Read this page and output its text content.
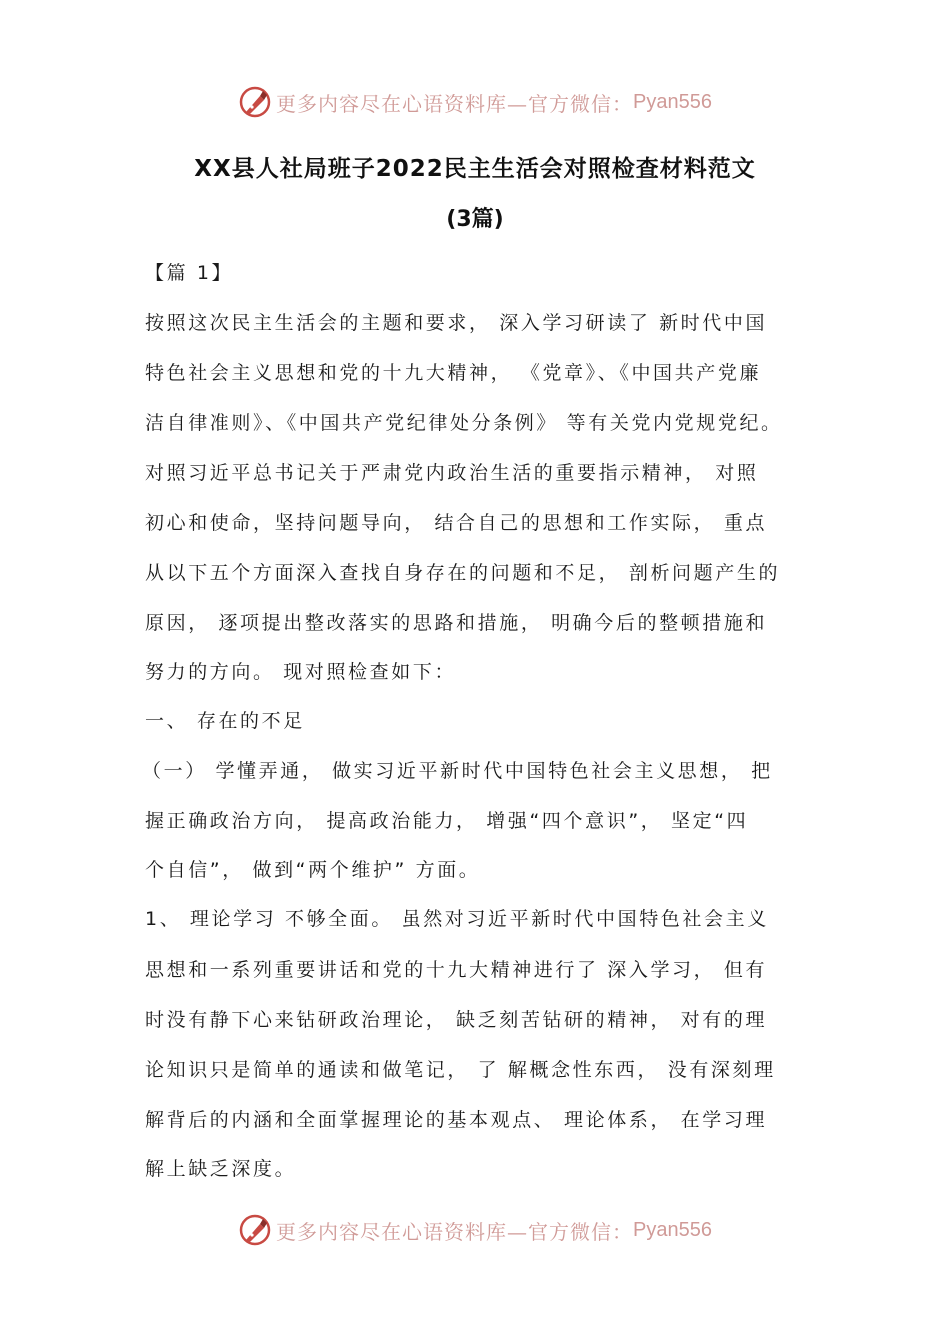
更多内容尽在心语资料库—官方微信： Pyan556
XX县人社局班子2022民主生活会对照检查材料范文
(3篇)
【篇 1】
按照这次民主生活会的主题和要求， 深入学习研读了 新时代中国
特色社会主义思想和党的十九大精神， 《党章》、《中国共产党廉
洁自律准则》、《中国共产党纪律处分条例》 等有关党内党规党纪。
对照习近平总书记关于严肃党内政治生活的重要指示精神， 对照
初心和使命，坚持问题导向， 结合自己的思想和工作实际， 重点
从以下五个方面深入查找自身存在的问题和不足， 剖析问题产生的
原因， 逐项提出整改落实的思路和措施， 明确今后的整顿措施和
努力的方向。 现对照检查如下：
一、 存在的不足
（一） 学懂弄通， 做实习近平新时代中国特色社会主义思想， 把
握正确政治方向， 提高政治能力， 增强“四个意识”， 坚定“四
个自信”， 做到“两个维护” 方面。
1、 理论学习 不够全面。 虽然对习近平新时代中国特色社会主义
思想和一系列重要讲话和党的十九大精神进行了 深入学习， 但有
时没有静下心来钻研政治理论， 缺乏刻苦钻研的精神， 对有的理
论知识只是简单的通读和做笔记， 了 解概念性东西， 没有深刻理
解背后的内涵和全面掌握理论的基本观点、 理论体系， 在学习理
解上缺乏深度。
更多内容尽在心语资料库—官方微信： Pyan556
